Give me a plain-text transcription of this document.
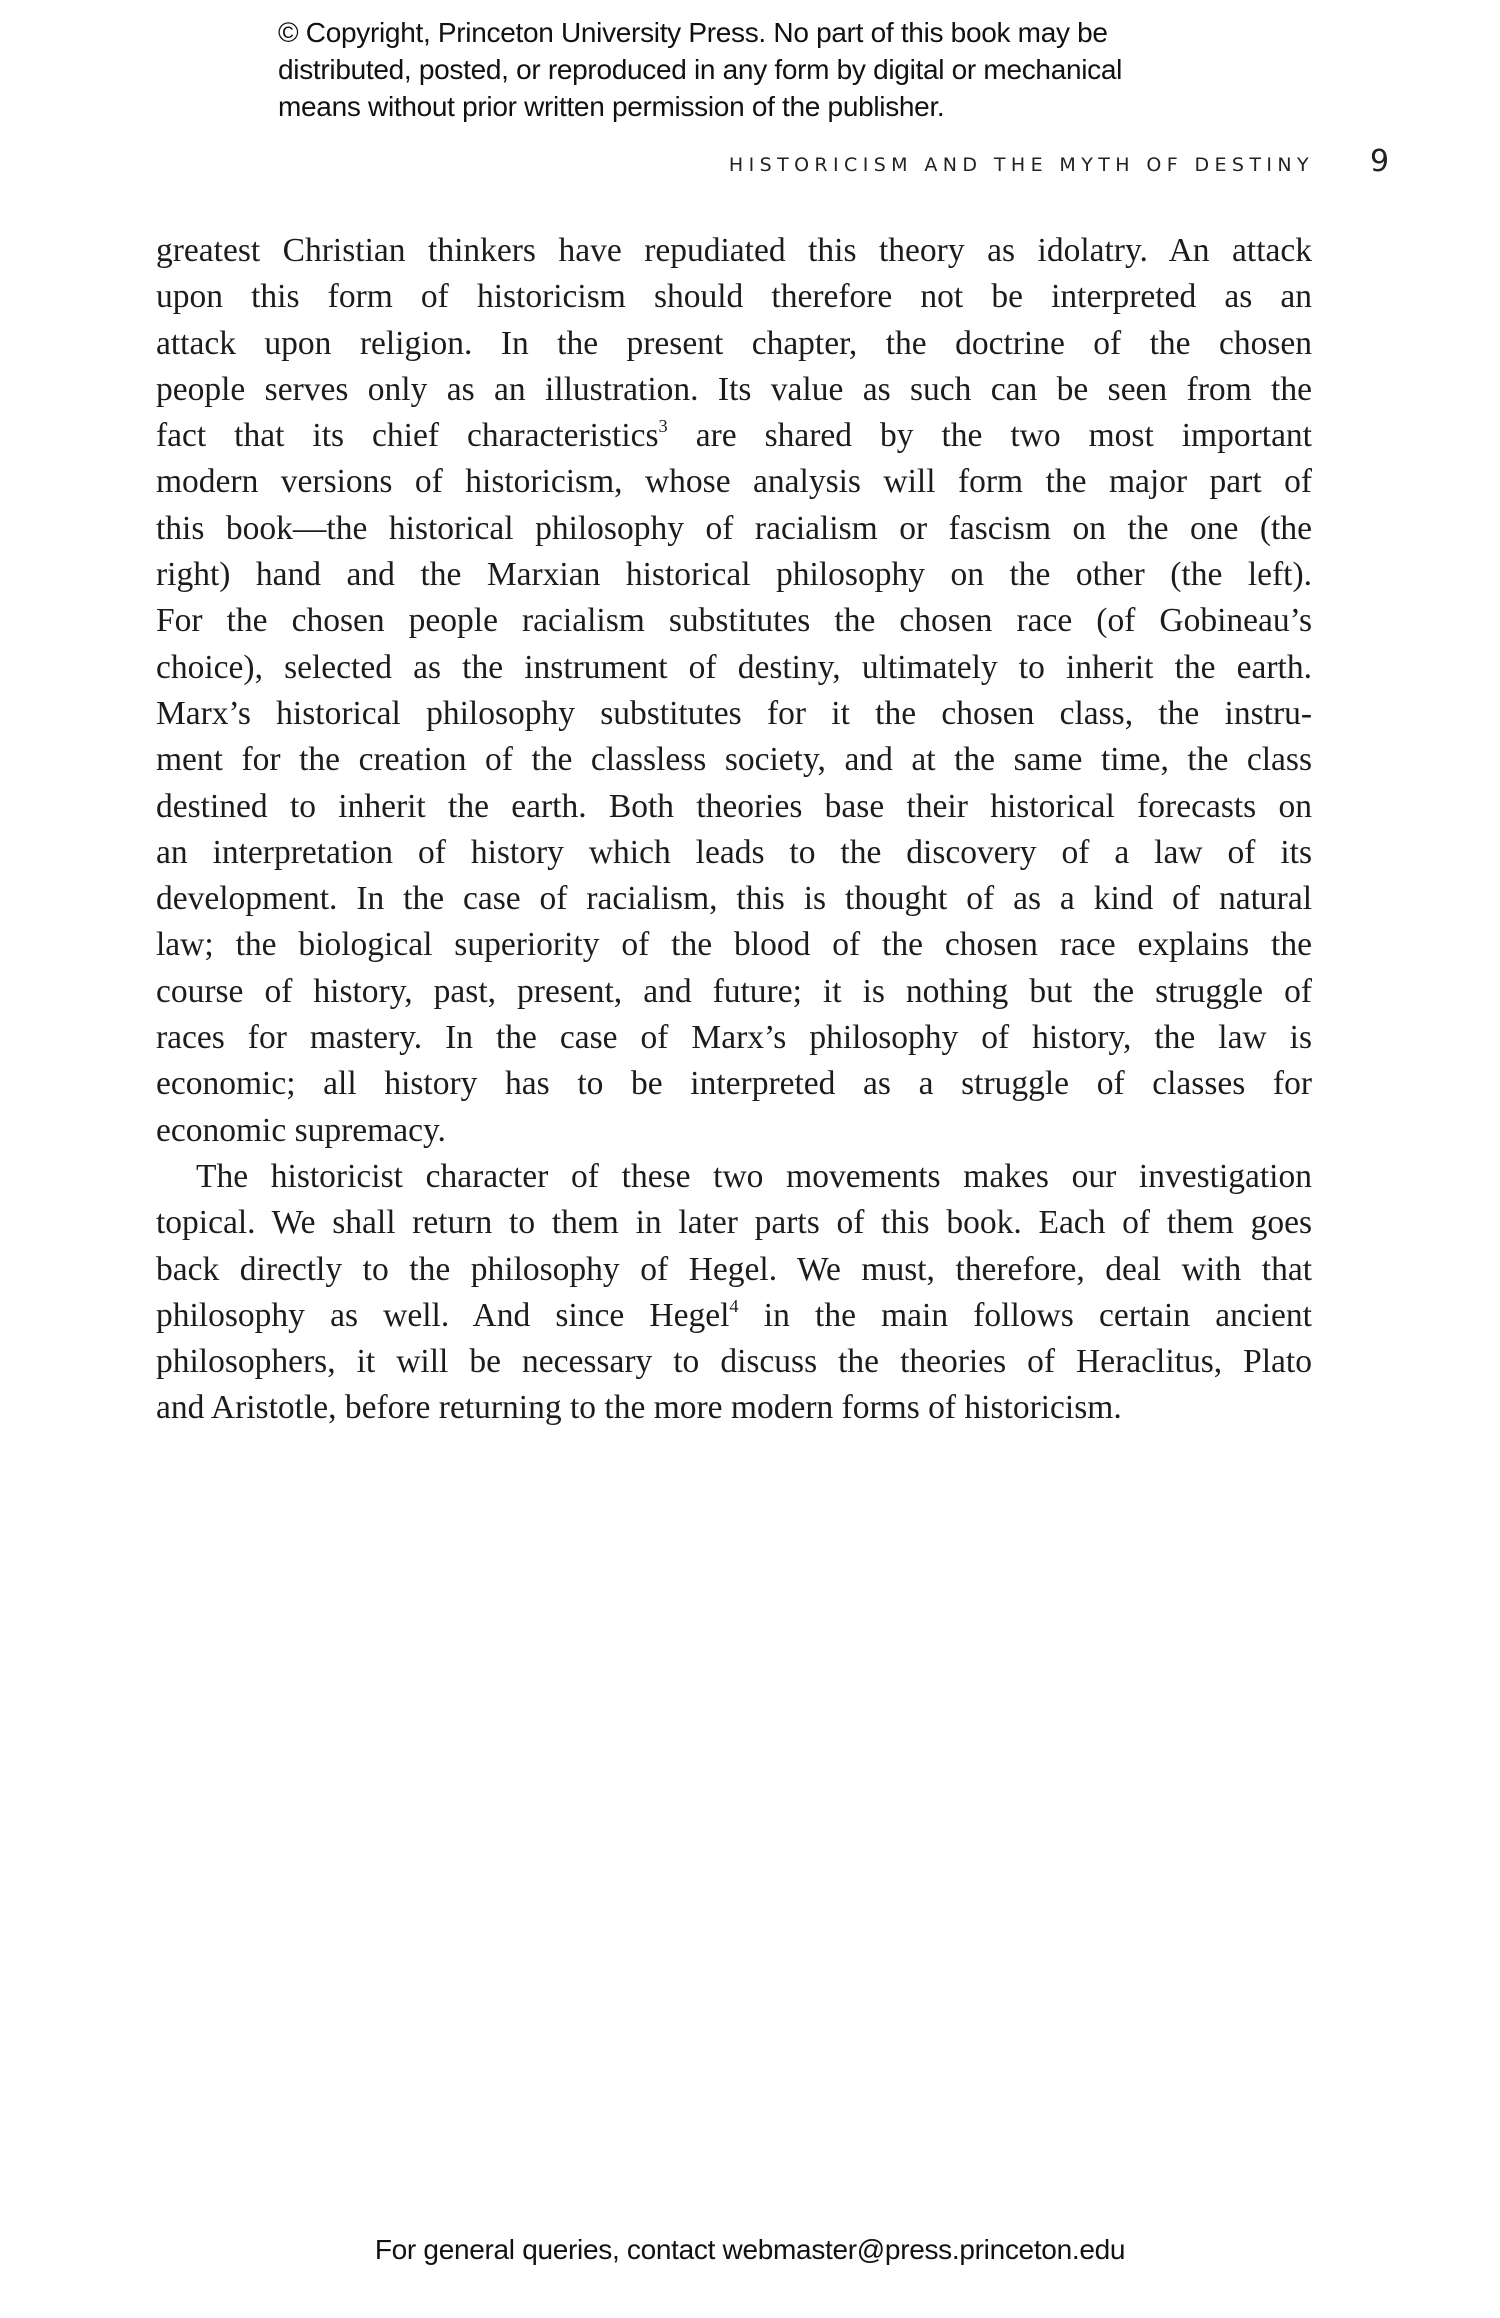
© Copyright, Princeton University Press. No part of this book may be
distributed, posted, or reproduced in any form by digital or mechanical
means without prior written permission of the publisher.
HISTORICISM AND THE MYTH OF DESTINY 9
greatest Christian thinkers have repudiated this theory as idolatry. An attack
upon this form of historicism should therefore not be interpreted as an
attack upon religion. In the present chapter, the doctrine of the chosen
people serves only as an illustration. Its value as such can be seen from the
fact that its chief characteristics$^3$ are shared by the two most important
modern versions of historicism, whose analysis will form the major part of
this book—the historical philosophy of racialism or fascism on the one (the
right) hand and the Marxian historical philosophy on the other (the left).
For the chosen people racialism substitutes the chosen race (of Gobineau’s
choice), selected as the instrument of destiny, ultimately to inherit the earth.
Marx’s historical philosophy substitutes for it the chosen class, the instru-
ment for the creation of the classless society, and at the same time, the class
destined to inherit the earth. Both theories base their historical forecasts on
an interpretation of history which leads to the discovery of a law of its
development. In the case of racialism, this is thought of as a kind of natural
law; the biological superiority of the blood of the chosen race explains the
course of history, past, present, and future; it is nothing but the struggle of
races for mastery. In the case of Marx’s philosophy of history, the law is
economic; all history has to be interpreted as a struggle of classes for
economic supremacy.
The historicist character of these two movements makes our investigation
topical. We shall return to them in later parts of this book. Each of them goes
back directly to the philosophy of Hegel. We must, therefore, deal with that
philosophy as well. And since Hegel$^4$ in the main follows certain ancient
philosophers, it will be necessary to discuss the theories of Heraclitus, Plato
and Aristotle, before returning to the more modern forms of historicism.
For general queries, contact webmaster@press.princeton.edu
